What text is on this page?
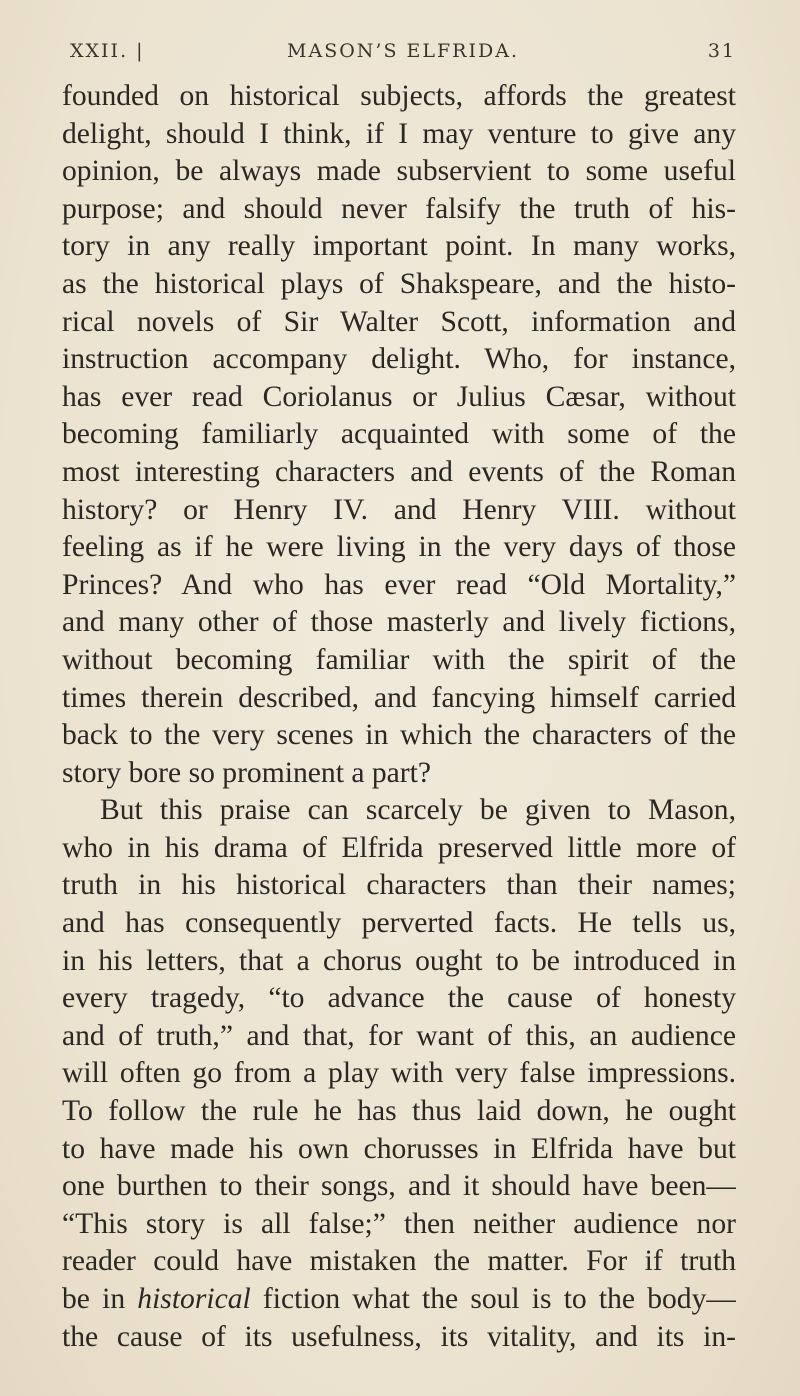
XXII. |	MASON’S ELFRIDA.	31
founded on historical subjects, affords the greatest
delight, should I think, if I may venture to give any
opinion, be always made subservient to some useful
purpose; and should never falsify the truth of his-
tory in any really important point. In many works,
as the historical plays of Shakspeare, and the histo-
rical novels of Sir Walter Scott, information and
instruction accompany delight. Who, for instance,
has ever read Coriolanus or Julius Cæsar, without
becoming familiarly acquainted with some of the
most interesting characters and events of the Roman
history? or Henry IV. and Henry VIII. without
feeling as if he were living in the very days of those
Princes? And who has ever read “Old Mortality,”
and many other of those masterly and lively fictions,
without becoming familiar with the spirit of the
times therein described, and fancying himself carried
back to the very scenes in which the characters of the
story bore so prominent a part?
But this praise can scarcely be given to Mason,
who in his drama of Elfrida preserved little more of
truth in his historical characters than their names;
and has consequently perverted facts. He tells us,
in his letters, that a chorus ought to be introduced in
every tragedy, “to advance the cause of honesty
and of truth,” and that, for want of this, an audience
will often go from a play with very false impressions.
To follow the rule he has thus laid down, he ought
to have made his own chorusses in Elfrida have but
one burthen to their songs, and it should have been—
“This story is all false;” then neither audience nor
reader could have mistaken the matter. For if truth
be in historical fiction what the soul is to the body—
the cause of its usefulness, its vitality, and its in-
